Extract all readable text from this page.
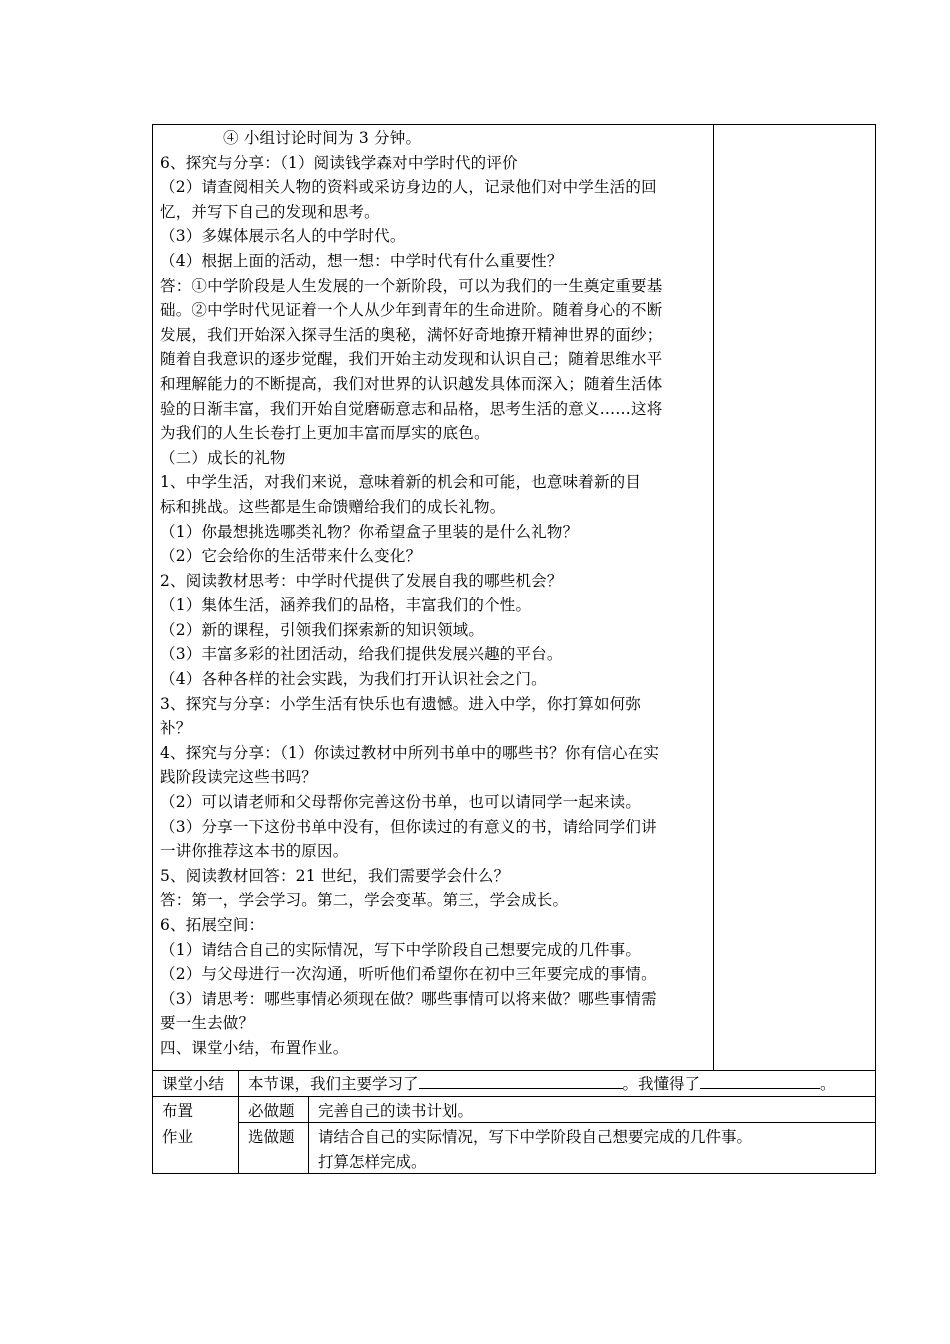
④ 小组讨论时间为 3 分钟。

6、探究与分享：（1）阅读钱学森对中学时代的评价

（2）请查阅相关人物的资料或采访身边的人，记录他们对中学生活的回

忆，并写下自己的发现和思考。

（3）多媒体展示名人的中学时代。

（4）根据上面的活动，想一想：中学时代有什么重要性？

答：①中学阶段是人生发展的一个新阶段，可以为我们的一生奠定重要基

础。②中学时代见证着一个人从少年到青年的生命进阶。随着身心的不断

发展，我们开始深入探寻生活的奥秘，满怀好奇地撩开精神世界的面纱；

随着自我意识的逐步觉醒，我们开始主动发现和认识自己；随着思维水平

和理解能力的不断提高，我们对世界的认识越发具体而深入；随着生活体

验的日渐丰富，我们开始自觉磨砺意志和品格，思考生活的意义……这将

为我们的人生长卷打上更加丰富而厚实的底色。

（二）成长的礼物

1、中学生活，对我们来说，意味着新的机会和可能，也意味着新的目

标和挑战。这些都是生命馈赠给我们的成长礼物。

（1）你最想挑选哪类礼物？你希望盒子里装的是什么礼物？

（2）它会给你的生活带来什么变化？

2、阅读教材思考：中学时代提供了发展自我的哪些机会？

（1）集体生活，涵养我们的品格，丰富我们的个性。

（2）新的课程，引领我们探索新的知识领域。

（3）丰富多彩的社团活动，给我们提供发展兴趣的平台。

（4）各种各样的社会实践，为我们打开认识社会之门。

3、探究与分享：小学生活有快乐也有遗憾。进入中学，你打算如何弥

补？

4、探究与分享：（1）你读过教材中所列书单中的哪些书？你有信心在实

践阶段读完这些书吗？

（2）可以请老师和父母帮你完善这份书单，也可以请同学一起来读。

（3）分享一下这份书单中没有，但你读过的有意义的书，请给同学们讲

一讲你推荐这本书的原因。

5、阅读教材回答：21 世纪，我们需要学会什么？

答：第一，学会学习。第二，学会变革。第三，学会成长。

6、拓展空间：

（1）请结合自己的实际情况，写下中学阶段自己想要完成的几件事。

（2）与父母进行一次沟通，听听他们希望你在初中三年要完成的事情。

（3）请思考：哪些事情必须现在做？哪些事情可以将来做？哪些事情需

要一生去做？

四、课堂小结，布置作业。

课堂小结 本节课，我们主要学习了	。我懂得了	。
布置
作业
必做题 完善自己的读书计划。
选做题 请结合自己的实际情况，写下中学阶段自己想要完成的几件事。
打算怎样完成。
